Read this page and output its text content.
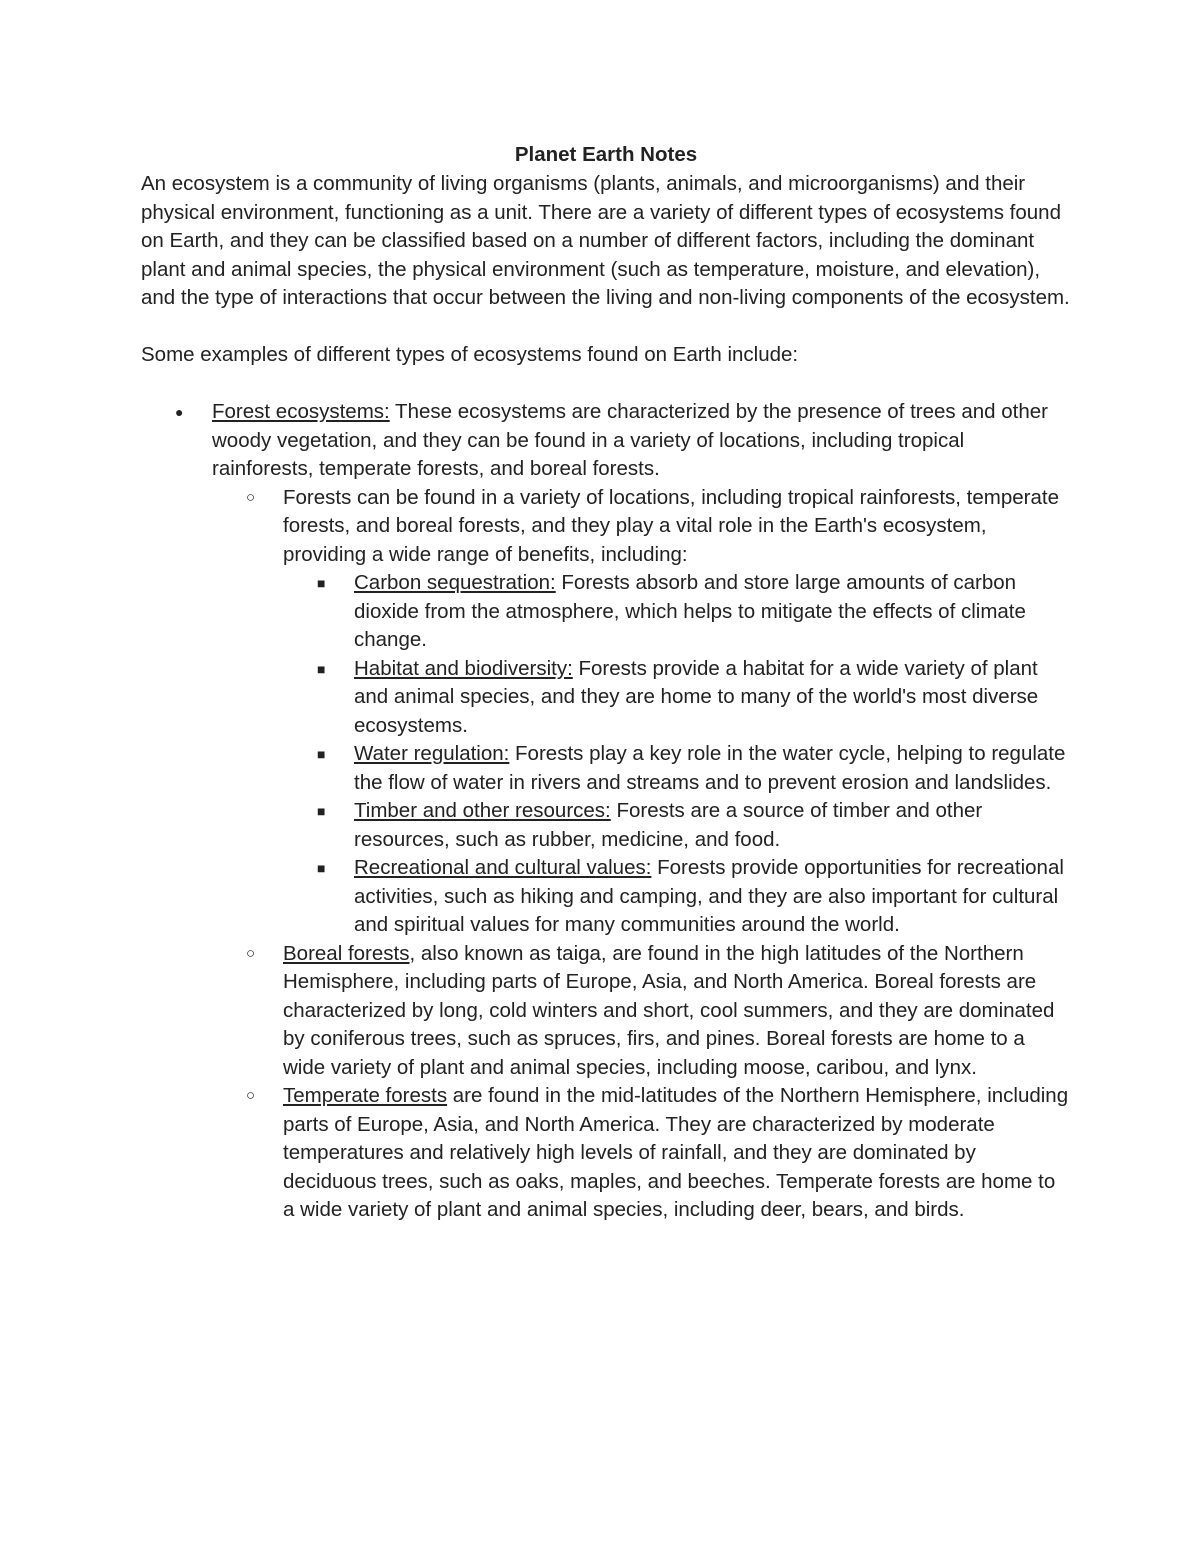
Planet Earth Notes

An ecosystem is a community of living organisms (plants, animals, and microorganisms) and their physical environment, functioning as a unit. There are a variety of different types of ecosystems found on Earth, and they can be classified based on a number of different factors, including the dominant plant and animal species, the physical environment (such as temperature, moisture, and elevation), and the type of interactions that occur between the living and non-living components of the ecosystem.

Some examples of different types of ecosystems found on Earth include:

● Forest ecosystems: These ecosystems are characterized by the presence of trees and other woody vegetation, and they can be found in a variety of locations, including tropical rainforests, temperate forests, and boreal forests.
○ Forests can be found in a variety of locations, including tropical rainforests, temperate forests, and boreal forests, and they play a vital role in the Earth's ecosystem, providing a wide range of benefits, including:
■ Carbon sequestration: Forests absorb and store large amounts of carbon dioxide from the atmosphere, which helps to mitigate the effects of climate change.
■ Habitat and biodiversity: Forests provide a habitat for a wide variety of plant and animal species, and they are home to many of the world's most diverse ecosystems.
■ Water regulation: Forests play a key role in the water cycle, helping to regulate the flow of water in rivers and streams and to prevent erosion and landslides.
■ Timber and other resources: Forests are a source of timber and other resources, such as rubber, medicine, and food.
■ Recreational and cultural values: Forests provide opportunities for recreational activities, such as hiking and camping, and they are also important for cultural and spiritual values for many communities around the world.
○ Boreal forests, also known as taiga, are found in the high latitudes of the Northern Hemisphere, including parts of Europe, Asia, and North America. Boreal forests are characterized by long, cold winters and short, cool summers, and they are dominated by coniferous trees, such as spruces, firs, and pines. Boreal forests are home to a wide variety of plant and animal species, including moose, caribou, and lynx.
○ Temperate forests are found in the mid-latitudes of the Northern Hemisphere, including parts of Europe, Asia, and North America. They are characterized by moderate temperatures and relatively high levels of rainfall, and they are dominated by deciduous trees, such as oaks, maples, and beeches. Temperate forests are home to a wide variety of plant and animal species, including deer, bears, and birds.
